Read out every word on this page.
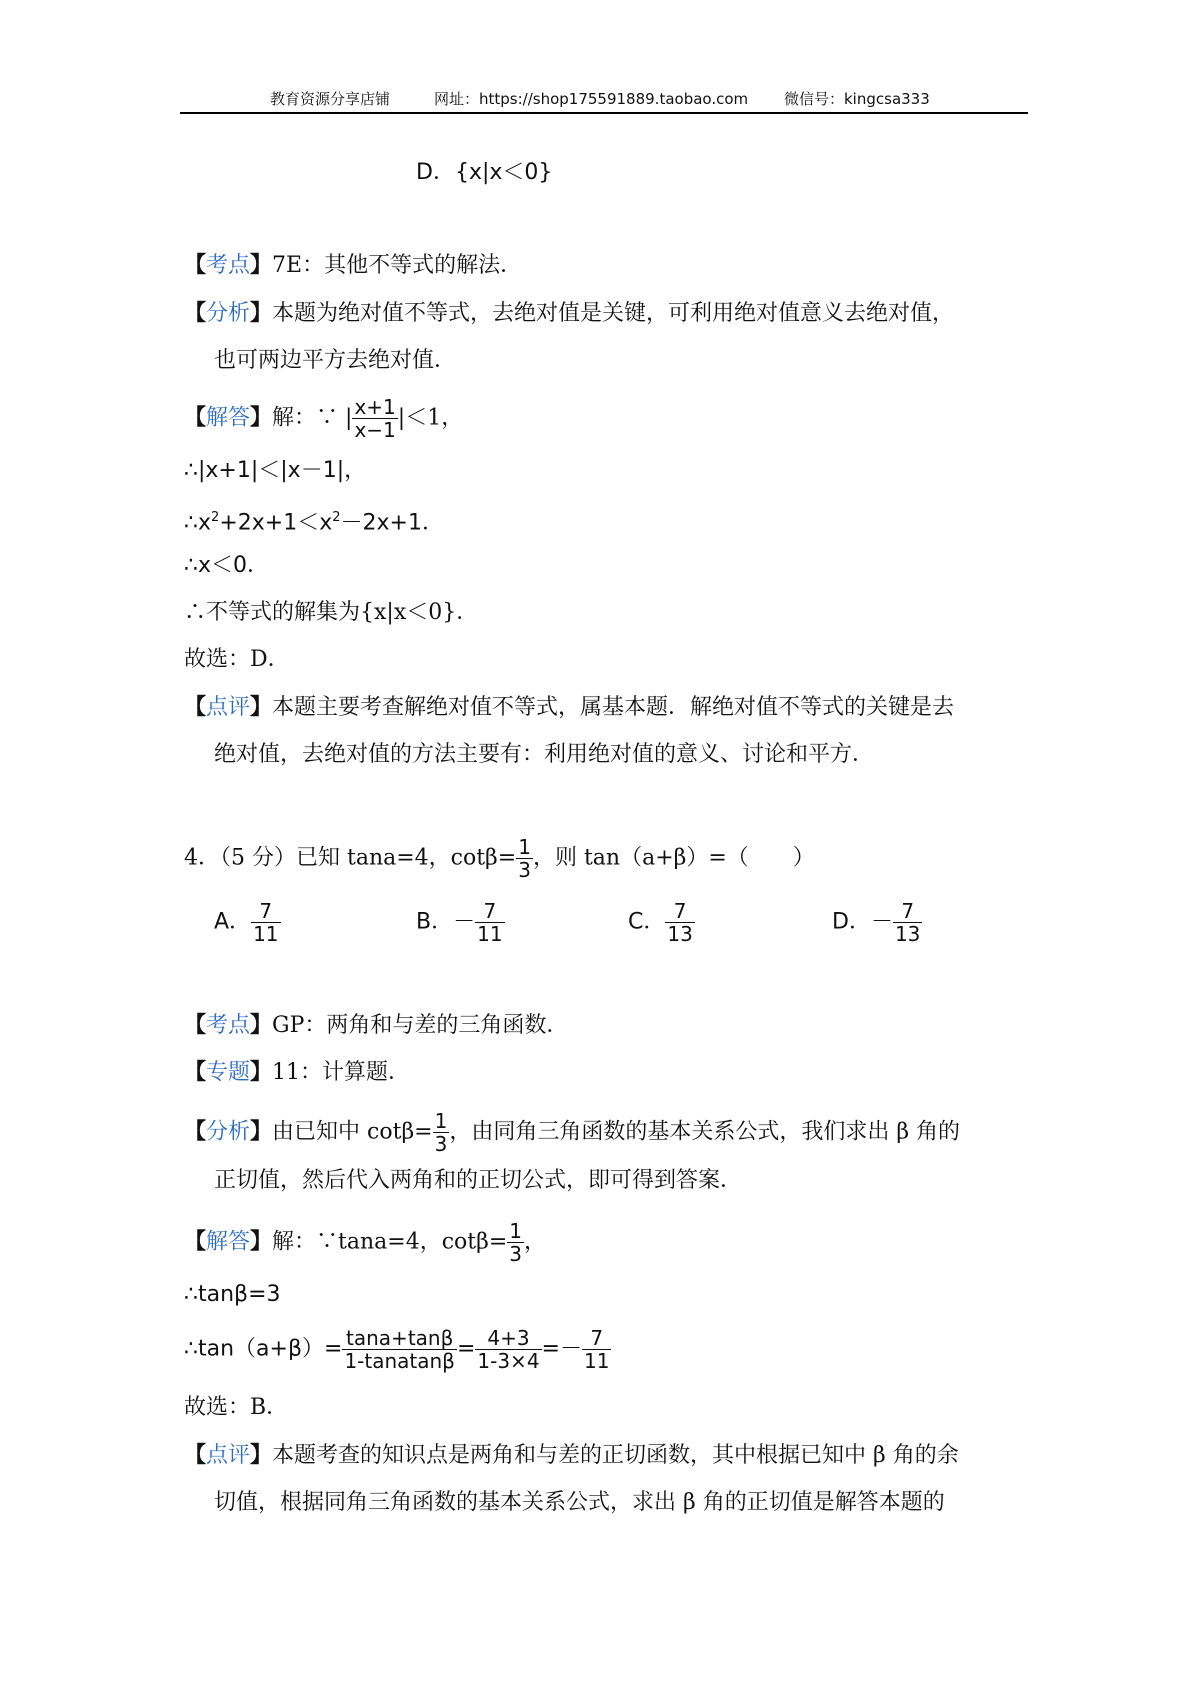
教育资源分享店铺	网址：https://shop175591889.taobao.com 微信号：kingcsa333
D．{x|x＜0}
【考点】7E：其他不等式的解法．
【分析】本题为绝对值不等式，去绝对值是关键，可利用绝对值意义去绝对值，
也可两边平方去绝对值．
【解答】解：∵ | $\frac{x+1}{x-1} |<1$，
∴|x+1|＜|x－1|，
$\therefore x^2+2x+1<x^2-2x+1$．
∴x＜0．
∴不等式的解集为{x|x＜0}．
故选：D．
【点评】本题主要考查解绝对值不等式，属基本题．解绝对值不等式的关键是去
绝对值，去绝对值的方法主要有：利用绝对值的意义、讨论和平方．
4．（5 分）已知 tana=4，$\cot\beta= \frac{1}{3}$ ，则 tan（a+β）=（　　）
A． $\frac{7}{11}$	B．－ $\frac{7}{11}$	C． $\frac{7}{13}$	D．－ $\frac{7}{13}$
【考点】GP：两角和与差的三角函数．
【专题】11：计算题．
【分析】由已知中 $\cot\beta= \frac{1}{3}$ ，由同角三角函数的基本关系公式，我们求出 β 角的
正切值，然后代入两角和的正切公式，即可得到答案．
【解答】解：∵tana=4，$\cot\beta= \frac{1}{3}$ ，
∴tanβ=3
∴tan（a+β）= $\frac{\tan a+\tan\beta}{\text{1-tanatanβ}} = \frac{4+3}{1-3\times 4} =- \frac{7}{11}$
故选：B．
【点评】本题考查的知识点是两角和与差的正切函数，其中根据已知中 β 角的余
切值，根据同角三角函数的基本关系公式，求出 β 角的正切值是解答本题的
